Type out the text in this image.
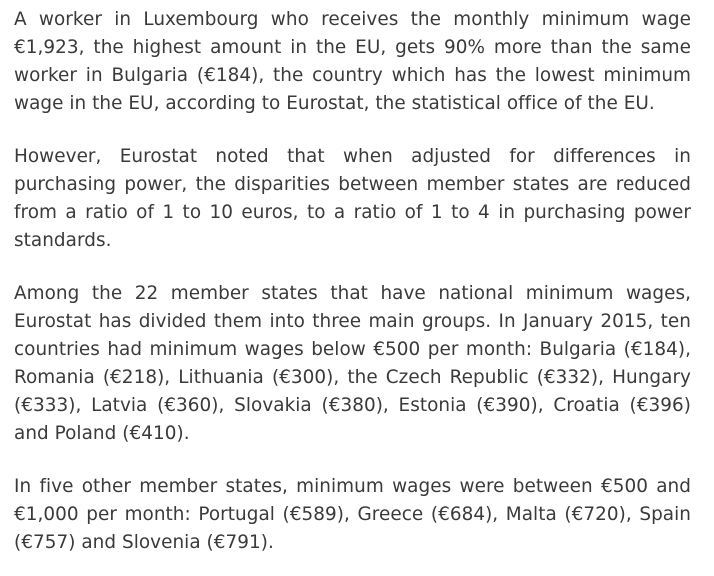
A worker in Luxembourg who receives the monthly minimum wage €1,923, the highest amount in the EU, gets 90% more than the same worker in Bulgaria (€184), the country which has the lowest minimum wage in the EU, according to Eurostat, the statistical office of the EU.

However, Eurostat noted that when adjusted for differences in purchasing power, the disparities between member states are reduced from a ratio of 1 to 10 euros, to a ratio of 1 to 4 in purchasing power standards.

Among the 22 member states that have national minimum wages, Eurostat has divided them into three main groups. In January 2015, ten countries had minimum wages below €500 per month: Bulgaria (€184), Romania (€218), Lithuania (€300), the Czech Republic (€332), Hungary (€333), Latvia (€360), Slovakia (€380), Estonia (€390), Croatia (€396) and Poland (€410).

In five other member states, minimum wages were between €500 and €1,000 per month: Portugal (€589), Greece (€684), Malta (€720), Spain (€757) and Slovenia (€791).
